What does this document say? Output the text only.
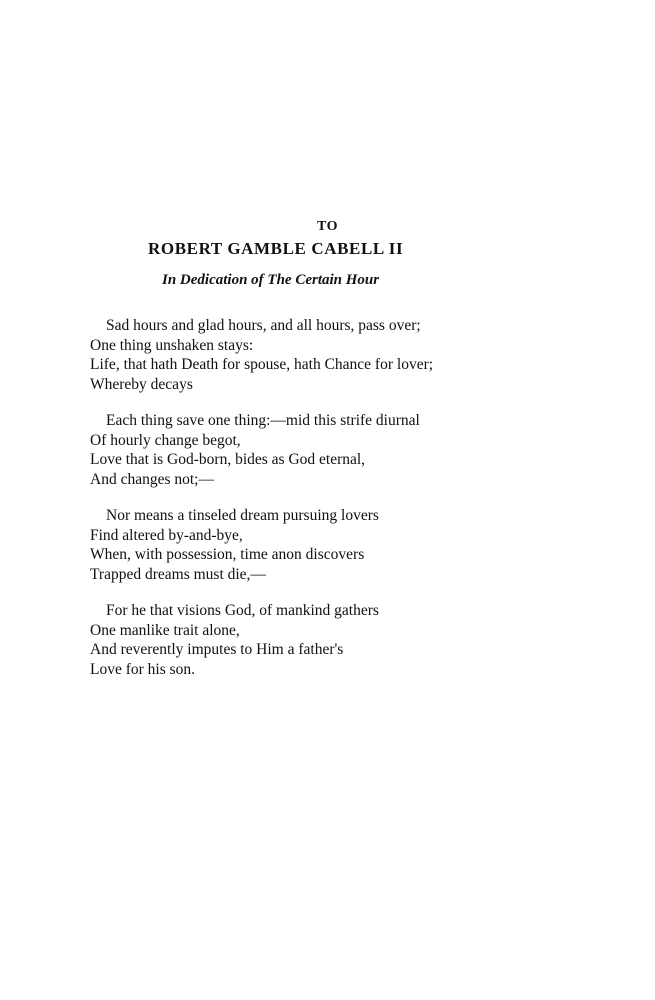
TO
ROBERT GAMBLE CABELL II
In Dedication of The Certain Hour
Sad hours and glad hours, and all hours, pass over;
One thing unshaken stays:
Life, that hath Death for spouse, hath Chance for lover;
Whereby decays
Each thing save one thing:—mid this strife diurnal
Of hourly change begot,
Love that is God-born, bides as God eternal,
And changes not;—
Nor means a tinseled dream pursuing lovers
Find altered by-and-bye,
When, with possession, time anon discovers
Trapped dreams must die,—
For he that visions God, of mankind gathers
One manlike trait alone,
And reverently imputes to Him a father's
Love for his son.
